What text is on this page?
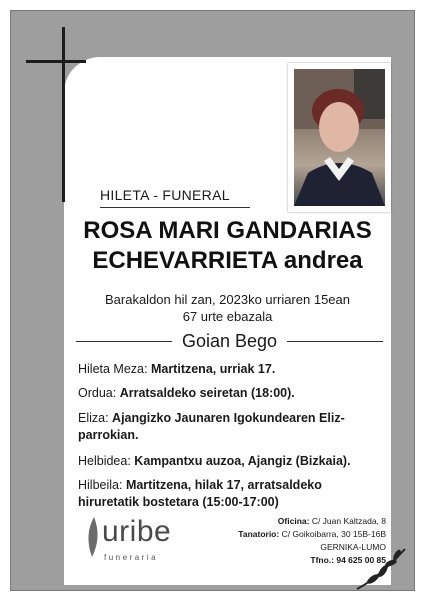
HILETA - FUNERAL
ROSA MARI GANDARIAS
ECHEVARRIETA andrea
Barakaldon hil zan, 2023ko urriaren 15ean
67 urte ebazala
Goian Bego
Hileta Meza: Martitzena, urriak 17.
Ordua: Arratsaldeko seiretan (18:00).
Eliza: Ajangizko Jaunaren Igokundearen Eliz-parrokian.
Helbidea: Kampantxu auzoa, Ajangiz (Bizkaia).
Hilbeila: Martitzena, hilak 17, arratsaldeko hiruretatik bostetara (15:00-17:00)
uribe
funeraria
Oficina: C/ Juan Kaltzada, 8
Tanatorio: C/ Goikoibarra, 30 15B-16B
GERNIKA-LUMO
Tfno.: 94 625 00 85
